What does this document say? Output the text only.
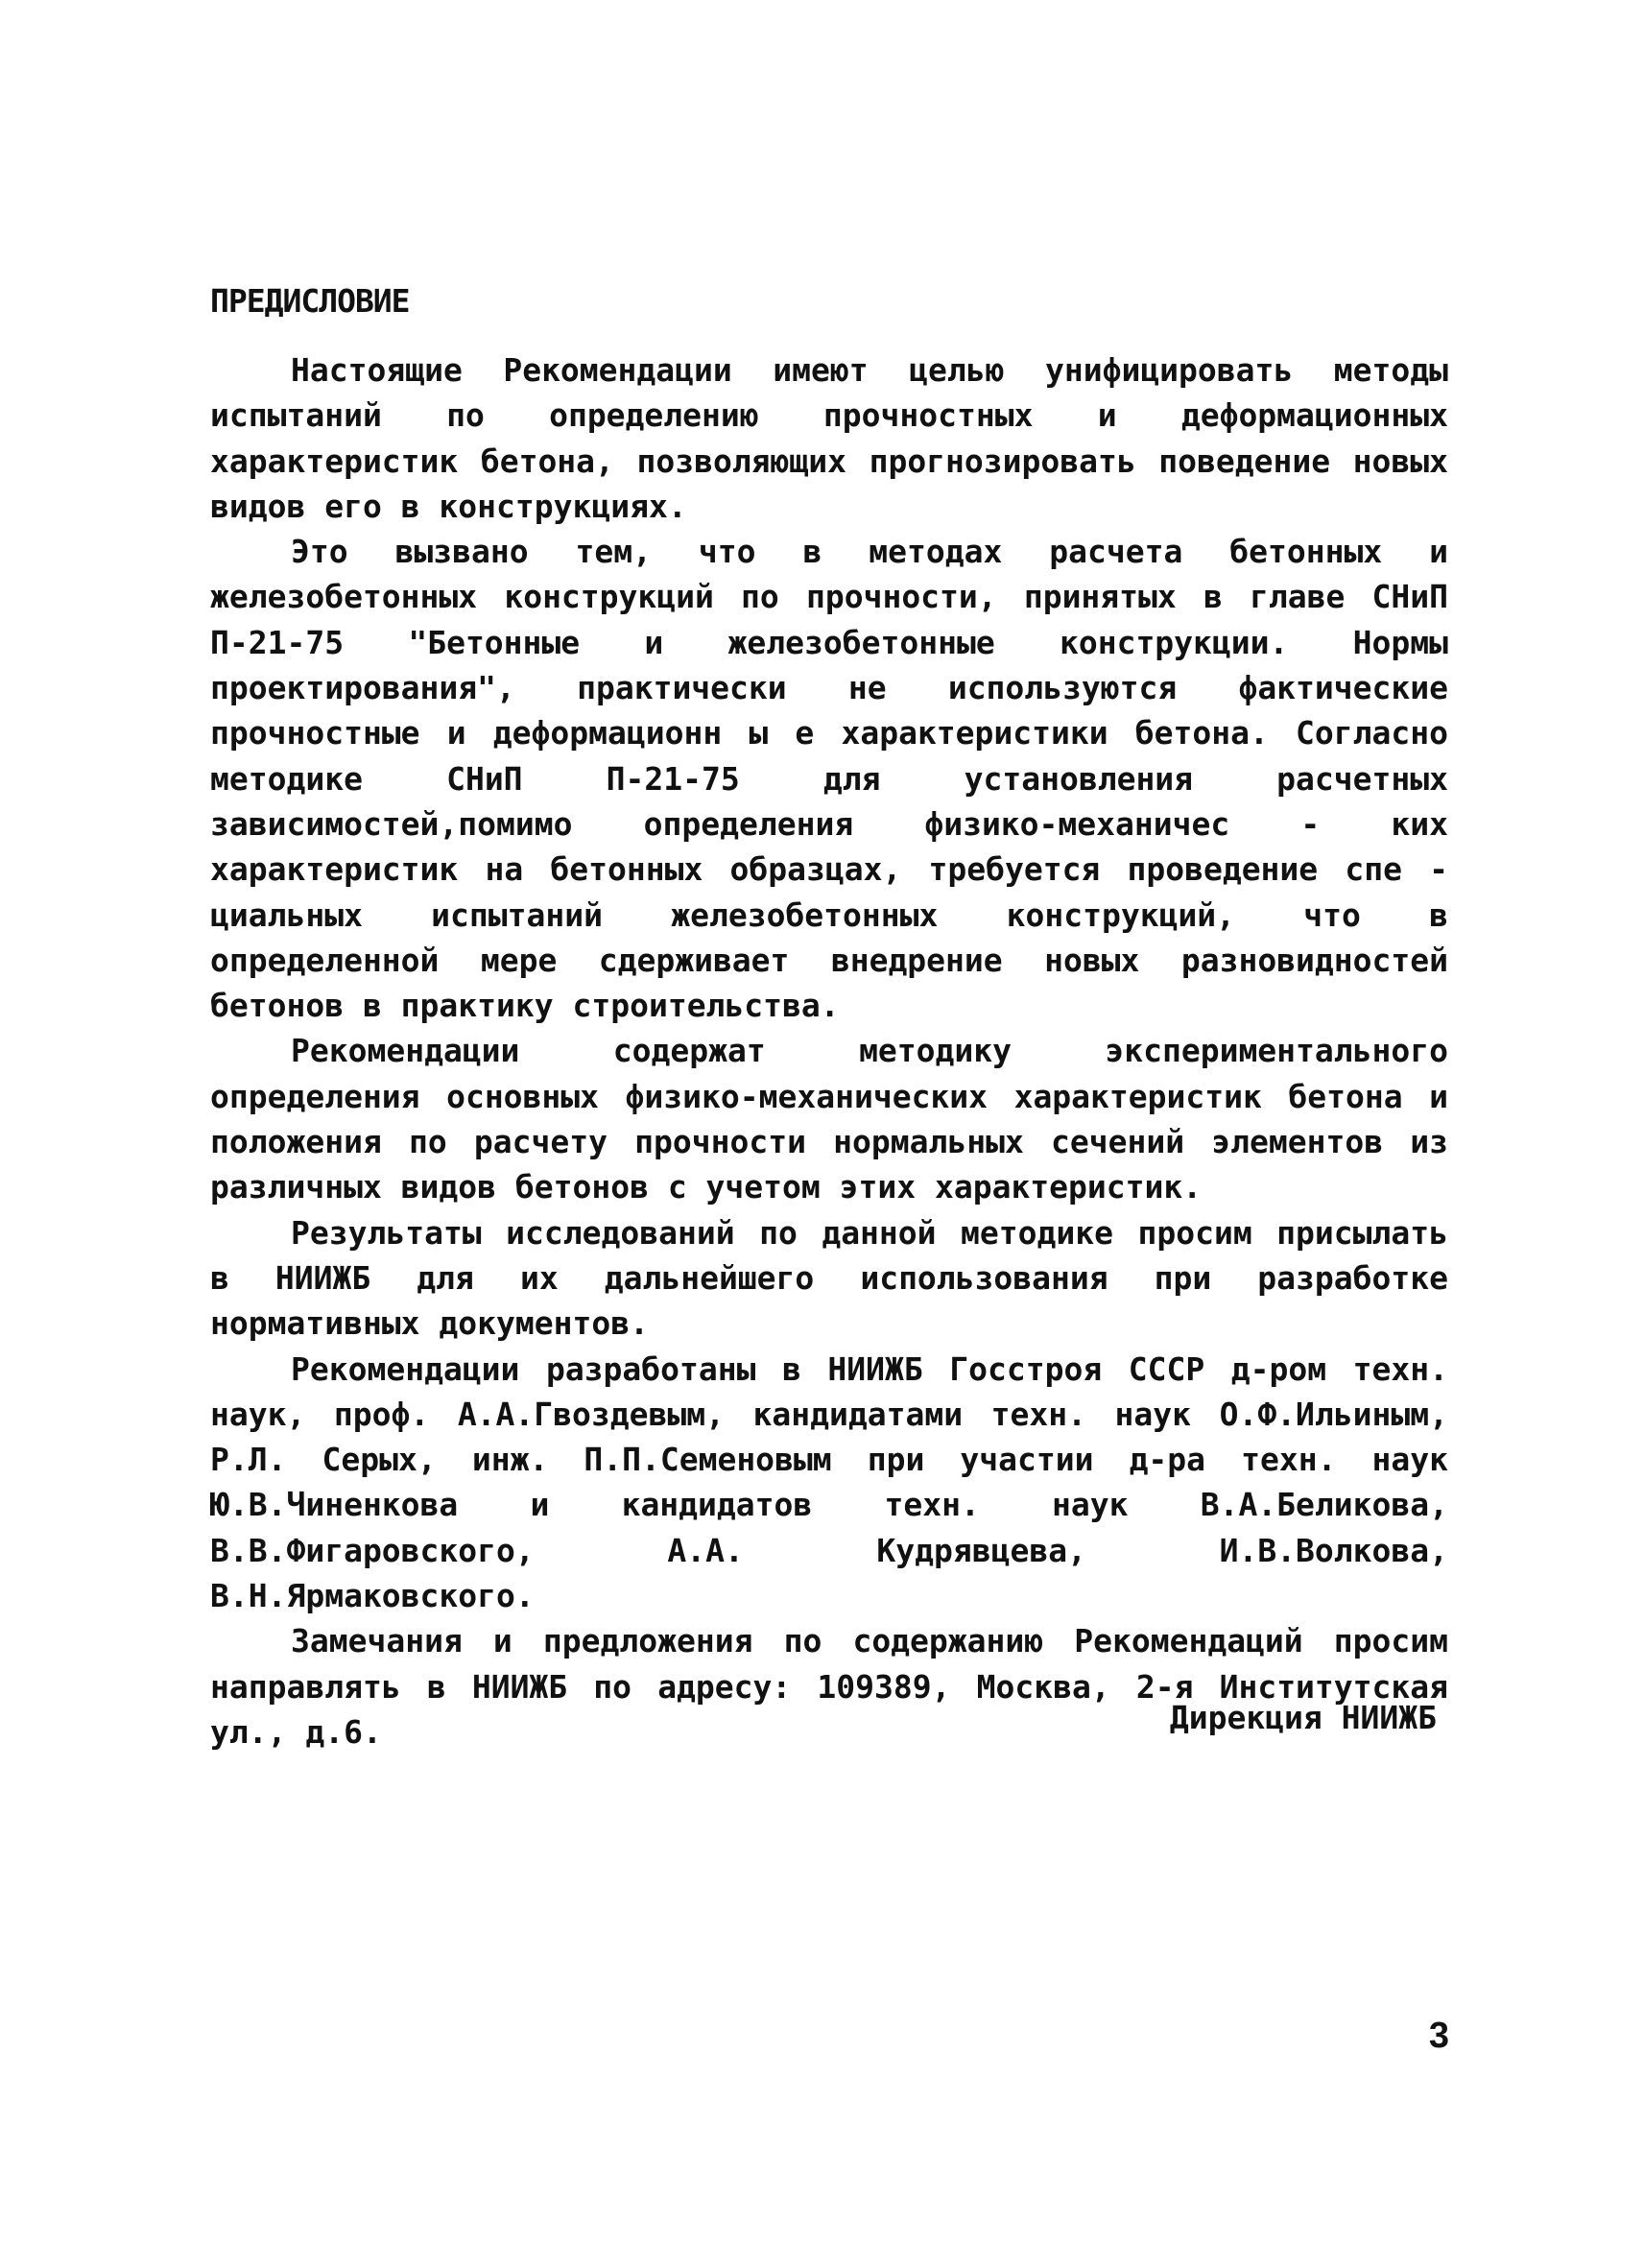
ПРЕДИСЛОВИЕ

Настоящие Рекомендации имеют целью унифицировать методы испытаний по определению прочностных и деформационных характеристик бетона, позволяющих прогнозировать поведение новых видов его в конструкциях.

Это вызвано тем, что в методах расчета бетонных и железобетонных конструкций по прочности, принятых в главе СНиП П-21-75 "Бетонные и железобетонные конструкции. Нормы проектирования", практически не используются фактические прочностные и деформационн ы е характеристики бетона. Согласно методике СНиП П-21-75 для установления расчетных зависимостей,помимо определения физико-механичес - ких характеристик на бетонных образцах, требуется проведение спе - циальных испытаний железобетонных конструкций, что в определенной мере сдерживает внедрение новых разновидностей бетонов в практику строительства.

Рекомендации содержат методику экспериментального определения основных физико-механических характеристик бетона и положения по расчету прочности нормальных сечений элементов из различных видов бетонов с учетом этих характеристик.

Результаты исследований по данной методике просим присылать в НИИЖБ для их дальнейшего использования при разработке нормативных документов.

Рекомендации разработаны в НИИЖБ Госстроя СССР д-ром техн. наук, проф. А.А.Гвоздевым, кандидатами техн. наук О.Ф.Ильиным, Р.Л. Серых, инж. П.П.Семеновым при участии д-ра техн. наук Ю.В.Чиненкова и кандидатов техн. наук В.А.Беликова, В.В.Фигаровского, А.А. Кудрявцева, И.В.Волкова, В.Н.Ярмаковского.

Замечания и предложения по содержанию Рекомендаций просим направлять в НИИЖБ по адресу: 109389, Москва, 2-я Институтская ул., д.6.	Дирекция НИИЖБ
3
